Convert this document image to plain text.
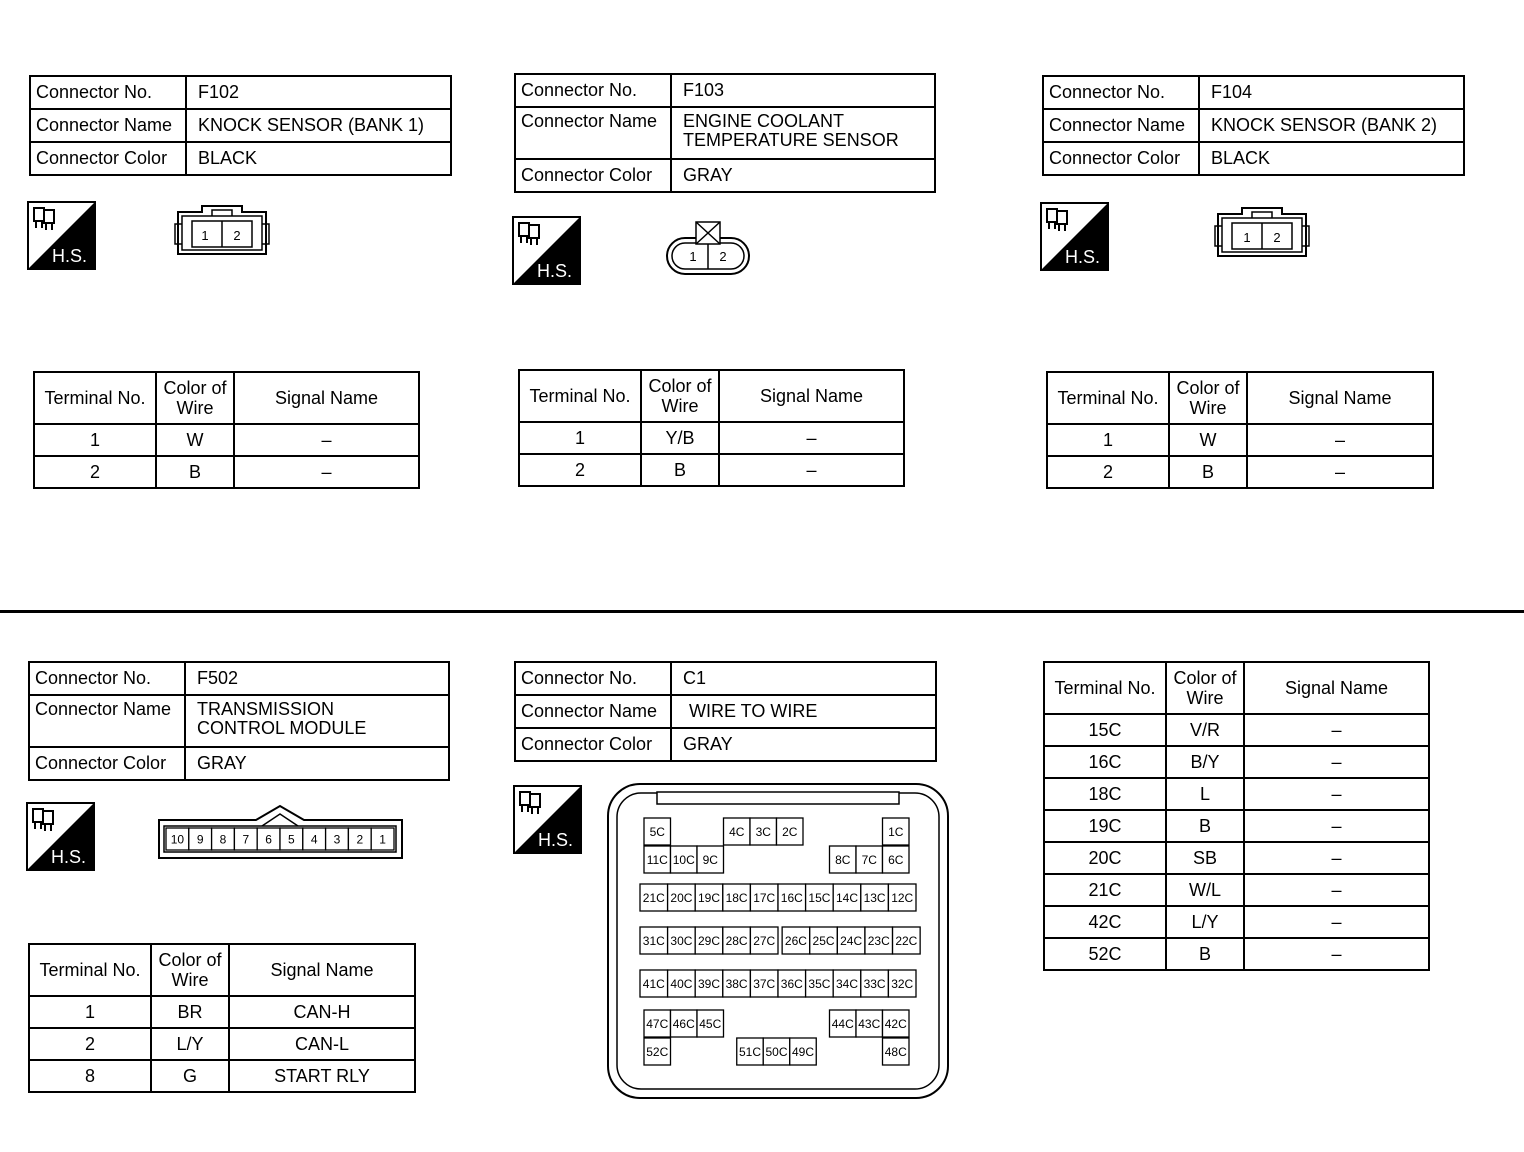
Connector No.	F102
Connector Name	KNOCK SENSOR (BANK 1)
Connector Color	BLACK
H.S.
1 2
Terminal No.	Color of
Wire	Signal Name
1	W	–
2	B	–
Connector No.	F103
Connector Name	ENGINE COOLANT
TEMPERATURE SENSOR
Connector Color	GRAY
H.S.
1 2
Terminal No.	Color of
Wire	Signal Name
1	Y/B	–
2	B	–
Connector No.	F104
Connector Name	KNOCK SENSOR (BANK 2)
Connector Color	BLACK
H.S.
1 2
Terminal No.	Color of
Wire	Signal Name
1	W	–
2	B	–
Connector No.	F502
Connector Name	TRANSMISSION
CONTROL MODULE
Connector Color	GRAY
H.S.
10 9 8 7 6 5 4 3 2 1
Terminal No.	Color of
Wire	Signal Name
1	BR	CAN-H
2	L/Y	CAN-L
8	G	START RLY
Connector No.	C1
Connector Name	WIRE TO WIRE
Connector Color	GRAY
H.S.	5C	4C 3C 2C	1C
11C 10C 9C	8C 7C 6C
21C 20C 19C 18C 17C 16C 15C 14C 13C 12C
31C 30C 29C 28C 27C 26C 25C 24C 23C 22C
41C 40C 39C 38C 37C 36C 35C 34C 33C 32C
47C 46C 45C	44C 43C 42C
52C	51C 50C 49C	48C
Terminal No.	Color of
Wire	Signal Name
15C	V/R	–
16C	B/Y	–
18C	L	–
19C	B	–
20C	SB	–
21C	W/L	–
42C	L/Y	–
52C	B	–
